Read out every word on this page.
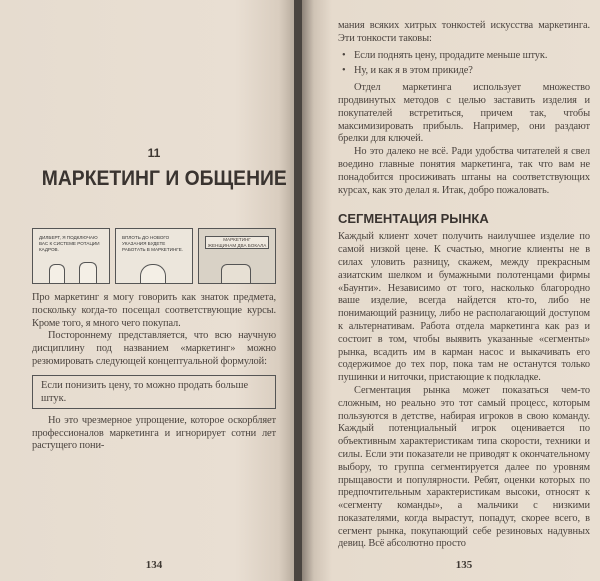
11
МАРКЕТИНГ И ОБЩЕНИЕ
ДИЛБЕРТ, Я ПОДКЛЮЧАЮ ВАС К СИСТЕМЕ РОТАЦИИ КАДРОВ.
ВПЛОТЬ ДО НОВОГО УКАЗАНИЯ БУДЕТЕ РАБОТАТЬ В МАРКЕТИНГЕ.
МАРКЕТИНГ
ЖЕНЩИНАМ ДВА БОКАЛА

Про маркетинг я могу говорить как знаток предмета, поскольку когда-то посещал соответствующие курсы. Кроме того, я много чего покупал.

Постороннему представляется, что всю научную дисциплину под названием «маркетинг» можно резюмировать следующей концептуальной формулой:

Если понизить цену, то можно продать больше штук.

Но это чрезмерное упрощение, которое оскорбляет профессионалов маркетинга и игнорирует сотни лет растущего пони-

134

мания всяких хитрых тонкостей искусства маркетинга. Эти тонкости таковы:

• Если поднять цену, продадите меньше штук.
• Ну, и как я в этом прикиде?

Отдел маркетинга использует множество продвинутых методов с целью заставить изделия и покупателей встретиться, причем так, чтобы максимизировать прибыль. Например, они раздают брелки для ключей.

Но это далеко не всё. Ради удобства читателей я свел воедино главные понятия маркетинга, так что вам не понадобится просиживать штаны на соответствующих курсах, как это делал я. Итак, добро пожаловать.

СЕГМЕНТАЦИЯ РЫНКА

Каждый клиент хочет получить наилучшее изделие по самой низкой цене. К счастью, многие клиенты не в силах уловить разницу, скажем, между прекрасным азиатским шелком и бумажными полотенцами фирмы «Баунти». Независимо от того, насколько благородно ваше изделие, всегда найдется кто-то, либо не понимающий разницу, либо не располагающий доступом к альтернативам. Работа отдела маркетинга как раз и состоит в том, чтобы выявить указанные «сегменты» рынка, всадить им в карман насос и выкачивать его содержимое до тех пор, пока там не останутся только пушинки и ниточки, пристающие к подкладке.

Сегментация рынка может показаться чем-то сложным, но реально это тот самый процесс, которым пользуются в детстве, набирая игроков в свою команду. Каждый потенциальный игрок оценивается по объективным характеристикам типа скорости, техники и силы. Если эти показатели не приводят к окончательному выбору, то группа сегментируется далее по уровням прыщавости и популярности. Ребят, оценки которых по предпочтительным характеристикам высоки, относят к «сегменту команды», а мальчики с низкими показателями, когда вырастут, попадут, скорее всего, в сегмент рынка, покупающий себе резиновых надувных девиц. Всё абсолютно просто

135
